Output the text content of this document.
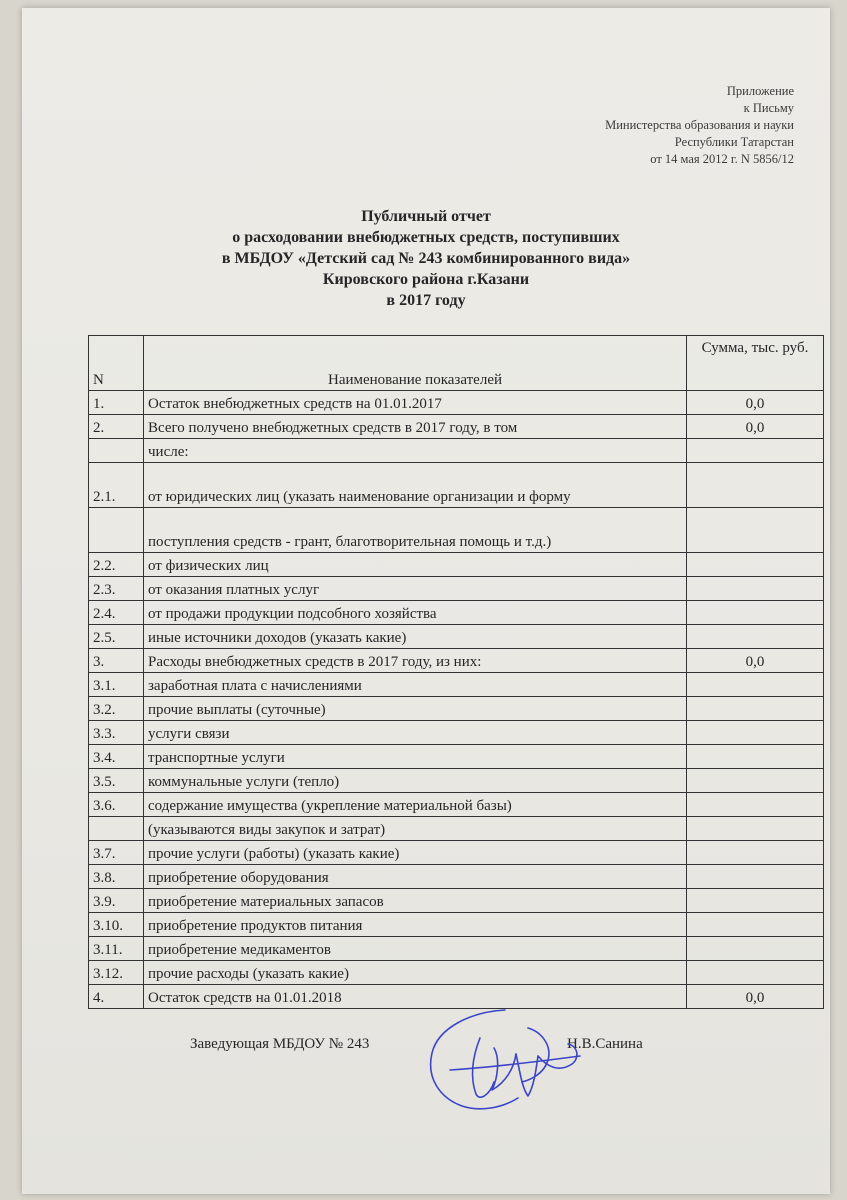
Приложение
к Письму
Министерства образования и науки
Республики Татарстан
от 14 мая 2012 г. N 5856/12
Публичный отчет
о расходовании внебюджетных средств, поступивших
в МБДОУ «Детский сад № 243 комбинированного вида»
Кировского района г.Казани
в 2017 году
N	Наименование показателей	Сумма, тыс. руб.
1.	Остаток внебюджетных средств на 01.01.2017	0,0
2.	Всего получено внебюджетных средств в 2017 году, в том	0,0
	числе:	
2.1.	от юридических лиц (указать наименование организации и форму	
	поступления средств - грант, благотворительная помощь и т.д.)	
2.2.	от физических лиц	
2.3.	от оказания платных услуг	
2.4.	от продажи продукции подсобного хозяйства	
2.5.	иные источники доходов (указать какие)	
3.	Расходы внебюджетных средств в 2017 году, из них:	0,0
3.1.	заработная плата с начислениями	
3.2.	прочие выплаты (суточные)	
3.3.	услуги связи	
3.4.	транспортные услуги	
3.5.	коммунальные услуги (тепло)	
3.6.	содержание имущества (укрепление материальной базы)	
	(указываются виды закупок и затрат)	
3.7.	прочие услуги (работы) (указать какие)	
3.8.	приобретение оборудования	
3.9.	приобретение материальных запасов	
3.10.	приобретение продуктов питания	
3.11.	приобретение медикаментов	
3.12.	прочие расходы (указать какие)	
4.	Остаток средств на 01.01.2018	0,0
Заведующая МБДОУ № 243	Н.В.Санина
